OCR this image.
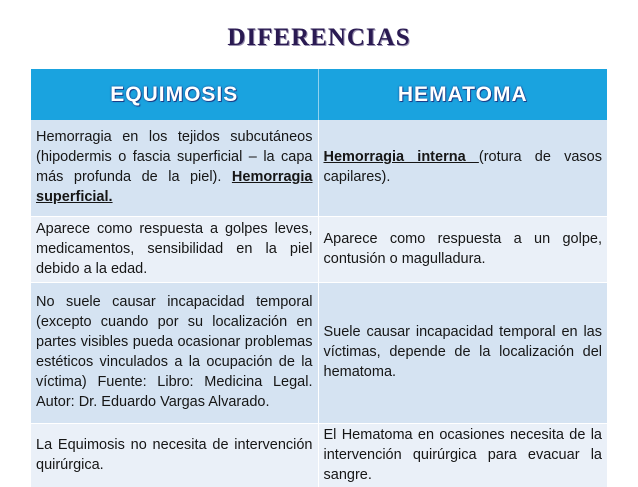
DIFERENCIAS
EQUIMOSIS	HEMATOMA
Hemorragia en los tejidos subcutáneos (hipodermis o fascia superficial – la capa más profunda de la piel). Hemorragia superficial.	Hemorragia interna (rotura de vasos capilares).
Aparece como respuesta a golpes leves, medicamentos, sensibilidad en la piel debido a la edad.	Aparece como respuesta a un golpe, contusión o magulladura.
No suele causar incapacidad temporal (excepto cuando por su localización en partes visibles pueda ocasionar problemas estéticos vinculados a la ocupación de la víctima) Fuente: Libro: Medicina Legal. Autor: Dr. Eduardo Vargas Alvarado.	Suele causar incapacidad temporal en las víctimas, depende de la localización del hematoma.
La Equimosis no necesita de intervención quirúrgica.	El Hematoma en ocasiones necesita de la intervención quirúrgica para evacuar la sangre.
